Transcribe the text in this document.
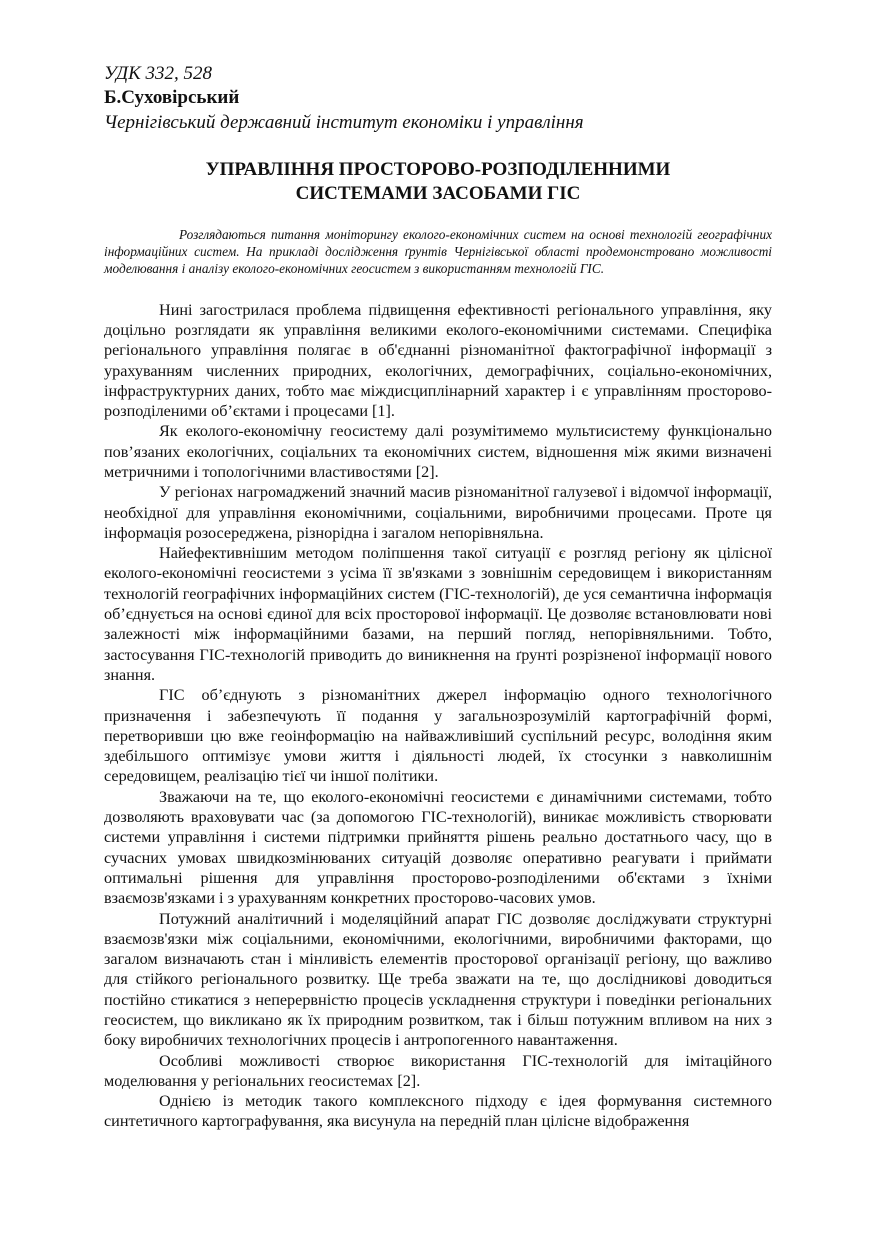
УДК 332, 528

Б.Суховірський

Чернігівський державний інститут економіки і управління

УПРАВЛІННЯ ПРОСТОРОВО-РОЗПОДІЛЕННИМИ
СИСТЕМАМИ ЗАСОБАМИ ГІС

Розглядаються питання моніторингу еколого-економічних систем на основі технологій географічних інформаційних систем. На прикладі дослідження ґрунтів Чернігівської області продемонстровано можливості моделювання і аналізу еколого-економічних геосистем з використанням технологій ГІС.

Нині загострилася проблема підвищення ефективності регіонального управління, яку доцільно розглядати як управління великими еколого-економічними системами. Специфіка регіонального управління полягає в об'єднанні різноманітної фактографічної інформації з урахуванням численних природних, екологічних, демографічних, соціально-економічних, інфраструктурних даних, тобто має міждисциплінарний характер і є управлінням просторово-розподіленими об’єктами і процесами [1].

Як еколого-економічну геосистему далі розумітимемо мультисистему функціонально пов’язаних екологічних, соціальних та економічних систем, відношення між якими визначені метричними і топологічними властивостями [2].

У регіонах нагромаджений значний масив різноманітної галузевої і відомчої інформації, необхідної для управління економічними, соціальними, виробничими процесами. Проте ця інформація розосереджена, різнорідна і загалом непорівняльна.

Найефективнішим методом поліпшення такої ситуації є розгляд регіону як цілісної еколого-економічні геосистеми з усіма її зв'язками з зовнішнім середовищем і використанням технологій географічних інформаційних систем (ГІС-технологій), де уся семантична інформація об’єднується на основі єдиної для всіх просторової інформації. Це дозволяє встановлювати нові залежності між інформаційними базами, на перший погляд, непорівняльними. Тобто, застосування ГІС-технологій приводить до виникнення на ґрунті розрізненої інформації нового знання.

ГІС об’єднують з різноманітних джерел інформацію одного технологічного призначення і забезпечують її подання у загальнозрозумілій картографічній формі, перетворивши цю вже геоінформацію на найважливіший суспільний ресурс, володіння яким здебільшого оптимізує умови життя і діяльності людей, їх стосунки з навколишнім середовищем, реалізацію тієї чи іншої політики.

Зважаючи на те, що еколого-економічні геосистеми є динамічними системами, тобто дозволяють враховувати час (за допомогою ГІС-технологій), виникає можливість створювати системи управління і системи підтримки прийняття рішень реально достатнього часу, що в сучасних умовах швидкозмінюваних ситуацій дозволяє оперативно реагувати і приймати оптимальні рішення для управління просторово-розподіленими об'єктами з їхніми взаємозв'язками і з урахуванням конкретних просторово-часових умов.

Потужний аналітичний і моделяційний апарат ГІС дозволяє досліджувати структурні взаємозв'язки між соціальними, економічними, екологічними, виробничими факторами, що загалом визначають стан і мінливість елементів просторової організації регіону, що важливо для стійкого регіонального розвитку. Ще треба зважати на те, що дослідникові доводиться постійно стикатися з неперервністю процесів ускладнення структури і поведінки регіональних геосистем, що викликано як їх природним розвитком, так і більш потужним впливом на них з боку виробничих технологічних процесів і антропогенного навантаження.

Особливі можливості створює використання ГІС-технологій для імітаційного моделювання у регіональних геосистемах [2].

Однією із методик такого комплексного підходу є ідея формування системного синтетичного картографування, яка висунула на передній план цілісне відображення
